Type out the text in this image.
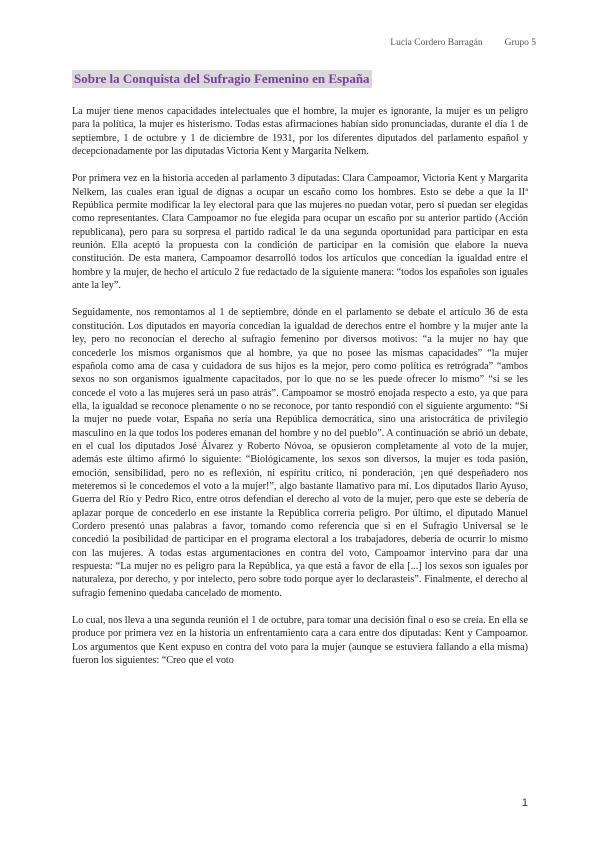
Lucía Cordero Barragán Grupo 5
Sobre la Conquista del Sufragio Femenino en España

La mujer tiene menos capacidades intelectuales que el hombre, la mujer es ignorante, la mujer es un peligro para la política, la mujer es histerismo. Todas estas afirmaciones habían sido pronunciadas, durante el día 1 de septiembre, 1 de octubre y 1 de diciembre de 1931, por los diferentes diputados del parlamento español y decepcionadamente por las diputadas Victoria Kent y Margarita Nelkem.

Por primera vez en la historia acceden al parlamento 3 diputadas: Clara Campoamor, Victoria Kent y Margarita Nelkem, las cuales eran igual de dignas a ocupar un escaño como los hombres. Esto se debe a que la IIª República permite modificar la ley electoral para que las mujeres no puedan votar, pero sí puedan ser elegidas como representantes. Clara Campoamor no fue elegida para ocupar un escaño por su anterior partido (Acción republicana), pero para su sorpresa el partido radical le da una segunda oportunidad para participar en esta reunión. Ella aceptó la propuesta con la condición de participar en la comisión que elabore la nueva constitución. De esta manera, Campoamor desarrolló todos los artículos que concedían la igualdad entre el hombre y la mujer, de hecho el artículo 2 fue redactado de la siguiente manera: “todos los españoles son iguales ante la ley”.

Seguidamente, nos remontamos al 1 de septiembre, dónde en el parlamento se debate el artículo 36 de esta constitución. Los diputados en mayoría concedían la igualdad de derechos entre el hombre y la mujer ante la ley, pero no reconocían el derecho al sufragio femenino por diversos motivos: “a la mujer no hay que concederle los mismos organismos que al hombre, ya que no posee las mismas capacidades” “la mujer española como ama de casa y cuidadora de sus hijos es la mejor, pero como política es retrógrada” “ambos sexos no son organismos igualmente capacitados, por lo que no se les puede ofrecer lo mismo” “si se les concede el voto a las mujeres será un paso atrás”. Campoamor se mostró enojada respecto a esto, ya que para ella, la igualdad se reconoce plenamente o no se reconoce, por tanto respondió con el siguiente argumento: “Si la mujer no puede votar, España no sería una República democrática, sino una aristocrática de privilegio masculino en la que todos los poderes emanan del hombre y no del pueblo”. A continuación se abrió un debate, en el cual los diputados José Álvarez y Roberto Nóvoa, se opusieron completamente al voto de la mujer, además este último afirmó lo siguiente: “Biológicamente, los sexos son diversos, la mujer es toda pasión, emoción, sensibilidad, pero no es reflexión, ni espíritu crítico, ni ponderación, ¡en qué despeñadero nos meteremos si le concedemos el voto a la mujer!”, algo bastante llamativo para mí. Los diputados Ilario Ayuso, Guerra del Río y Pedro Rico, entre otros defendían el derecho al voto de la mujer, pero que este se debería de aplazar porque de concederlo en ese instante la República correría peligro. Por último, el diputado Manuel Cordero presentó unas palabras a favor, tomando como referencia que si en el Sufragio Universal se le concedió la posibilidad de participar en el programa electoral a los trabajadores, debería de ocurrir lo mismo con las mujeres. A todas estas argumentaciones en contra del voto, Campoamor intervino para dar una respuesta: “La mujer no es peligro para la República, ya que está a favor de ella [...] los sexos son iguales por naturaleza, por derecho, y por intelecto, pero sobre todo porque ayer lo declarasteis”. Finalmente, el derecho al sufragio femenino quedaba cancelado de momento.

Lo cual, nos lleva a una segunda reunión el 1 de octubre, para tomar una decisión final o eso se creía. En ella se produce por primera vez en la historia un enfrentamiento cara a cara entre dos diputadas: Kent y Campoamor. Los argumentos que Kent expuso en contra del voto para la mujer (aunque se estuviera fallando a ella misma) fueron los siguientes: “Creo que el voto

1
